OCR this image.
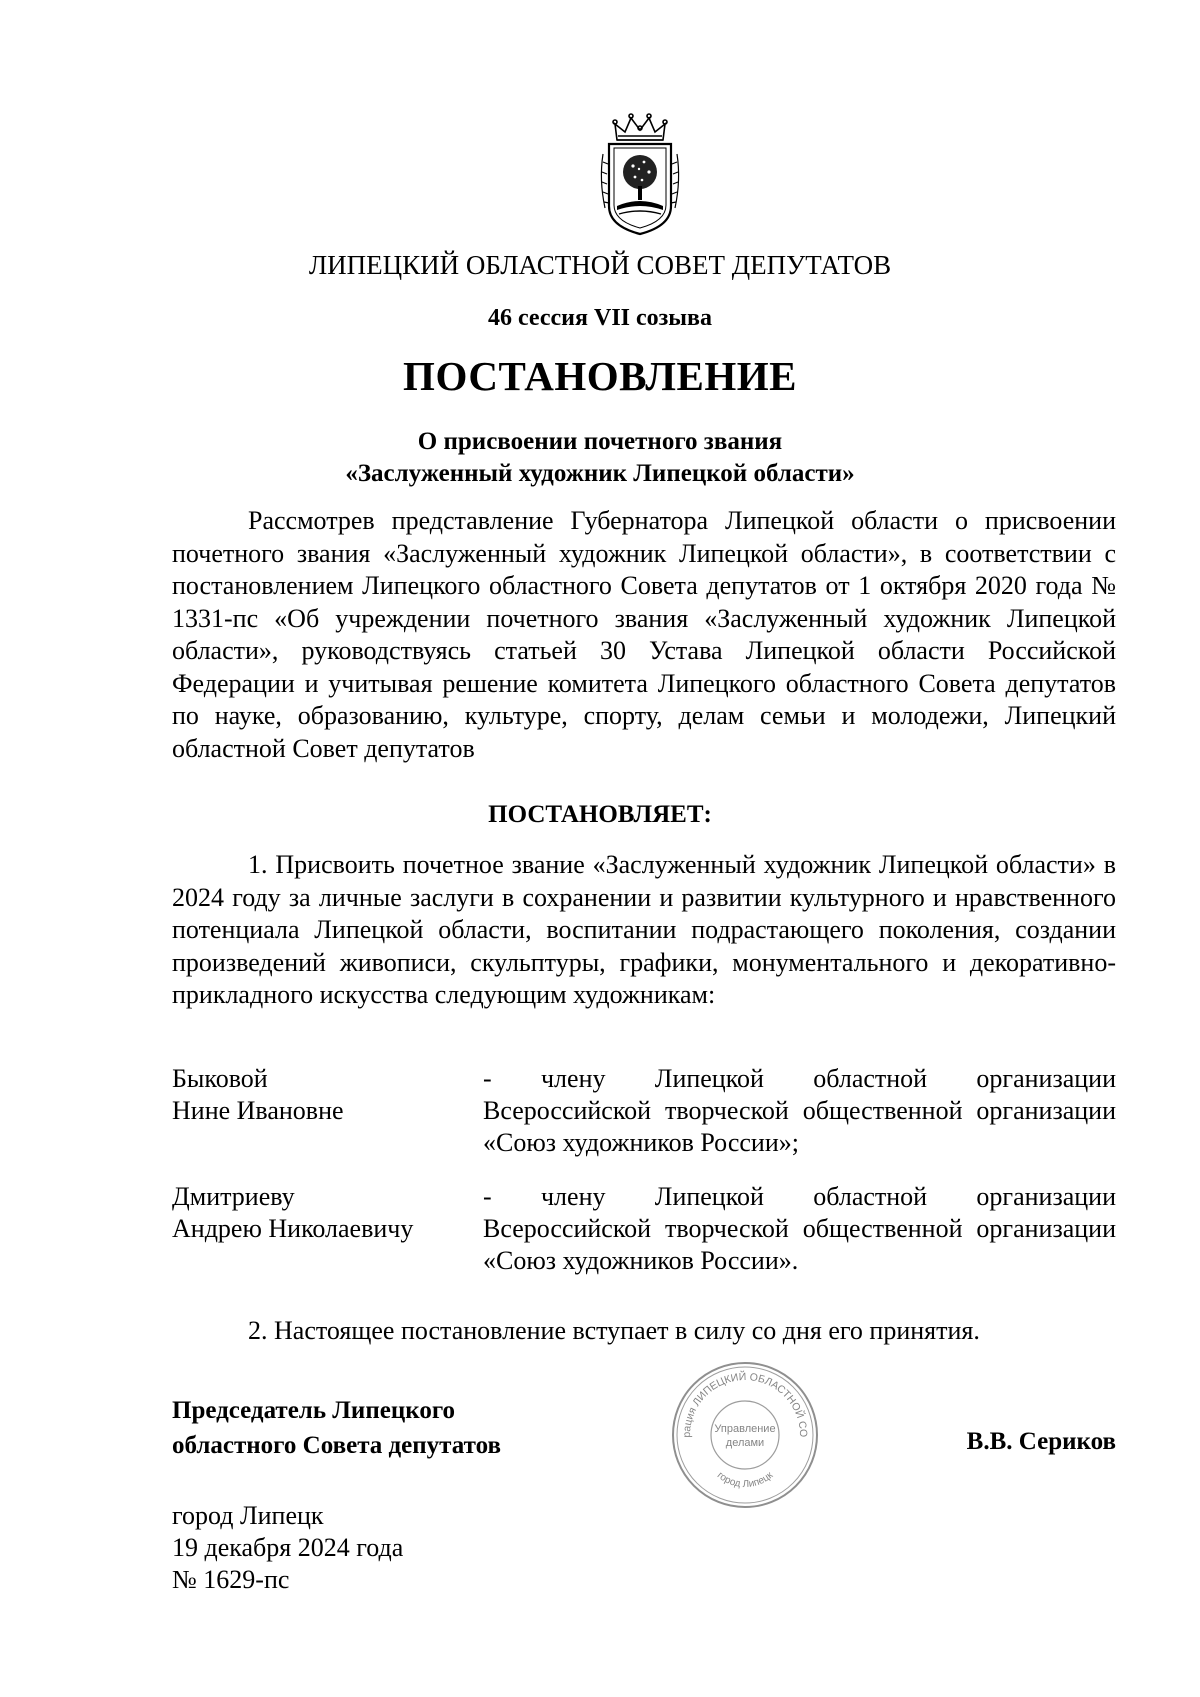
ЛИПЕЦКИЙ ОБЛАСТНОЙ СОВЕТ ДЕПУТАТОВ
46 сессия VII созыва
ПОСТАНОВЛЕНИЕ
О присвоении почетного звания
«Заслуженный художник Липецкой области»
Рассмотрев представление Губернатора Липецкой области о присвоении почетного звания «Заслуженный художник Липецкой области», в соответствии с постановлением Липецкого областного Совета депутатов от 1 октября 2020 года № 1331-пс «Об учреждении почетного звания «Заслуженный художник Липецкой области», руководствуясь статьей 30 Устава Липецкой области Российской Федерации и учитывая решение комитета Липецкого областного Совета депутатов по науке, образованию, культуре, спорту, делам семьи и молодежи, Липецкий областной Совет депутатов
ПОСТАНОВЛЯЕТ:
1. Присвоить почетное звание «Заслуженный художник Липецкой области» в 2024 году за личные заслуги в сохранении и развитии культурного и нравственного потенциала Липецкой области, воспитании подрастающего поколения, создании произведений живописи, скульптуры, графики, монументального и декоративно-прикладного искусства следующим художникам:
Быковой
Нине Ивановне
- члену Липецкой областной организации Всероссийской творческой общественной организации «Союз художников России»;
Дмитриеву
Андрею Николаевичу
- члену Липецкой областной организации Всероссийской творческой общественной организации «Союз художников России».
2. Настоящее постановление вступает в силу со дня его принятия.
Председатель Липецкого
областного Совета депутатов	рация ЛИПЕЦКИЙ ОБЛАСТНОЙ СО
город Липецк
Управление
делами	В.В. Сериков
город Липецк
19 декабря 2024 года
№ 1629-пс
